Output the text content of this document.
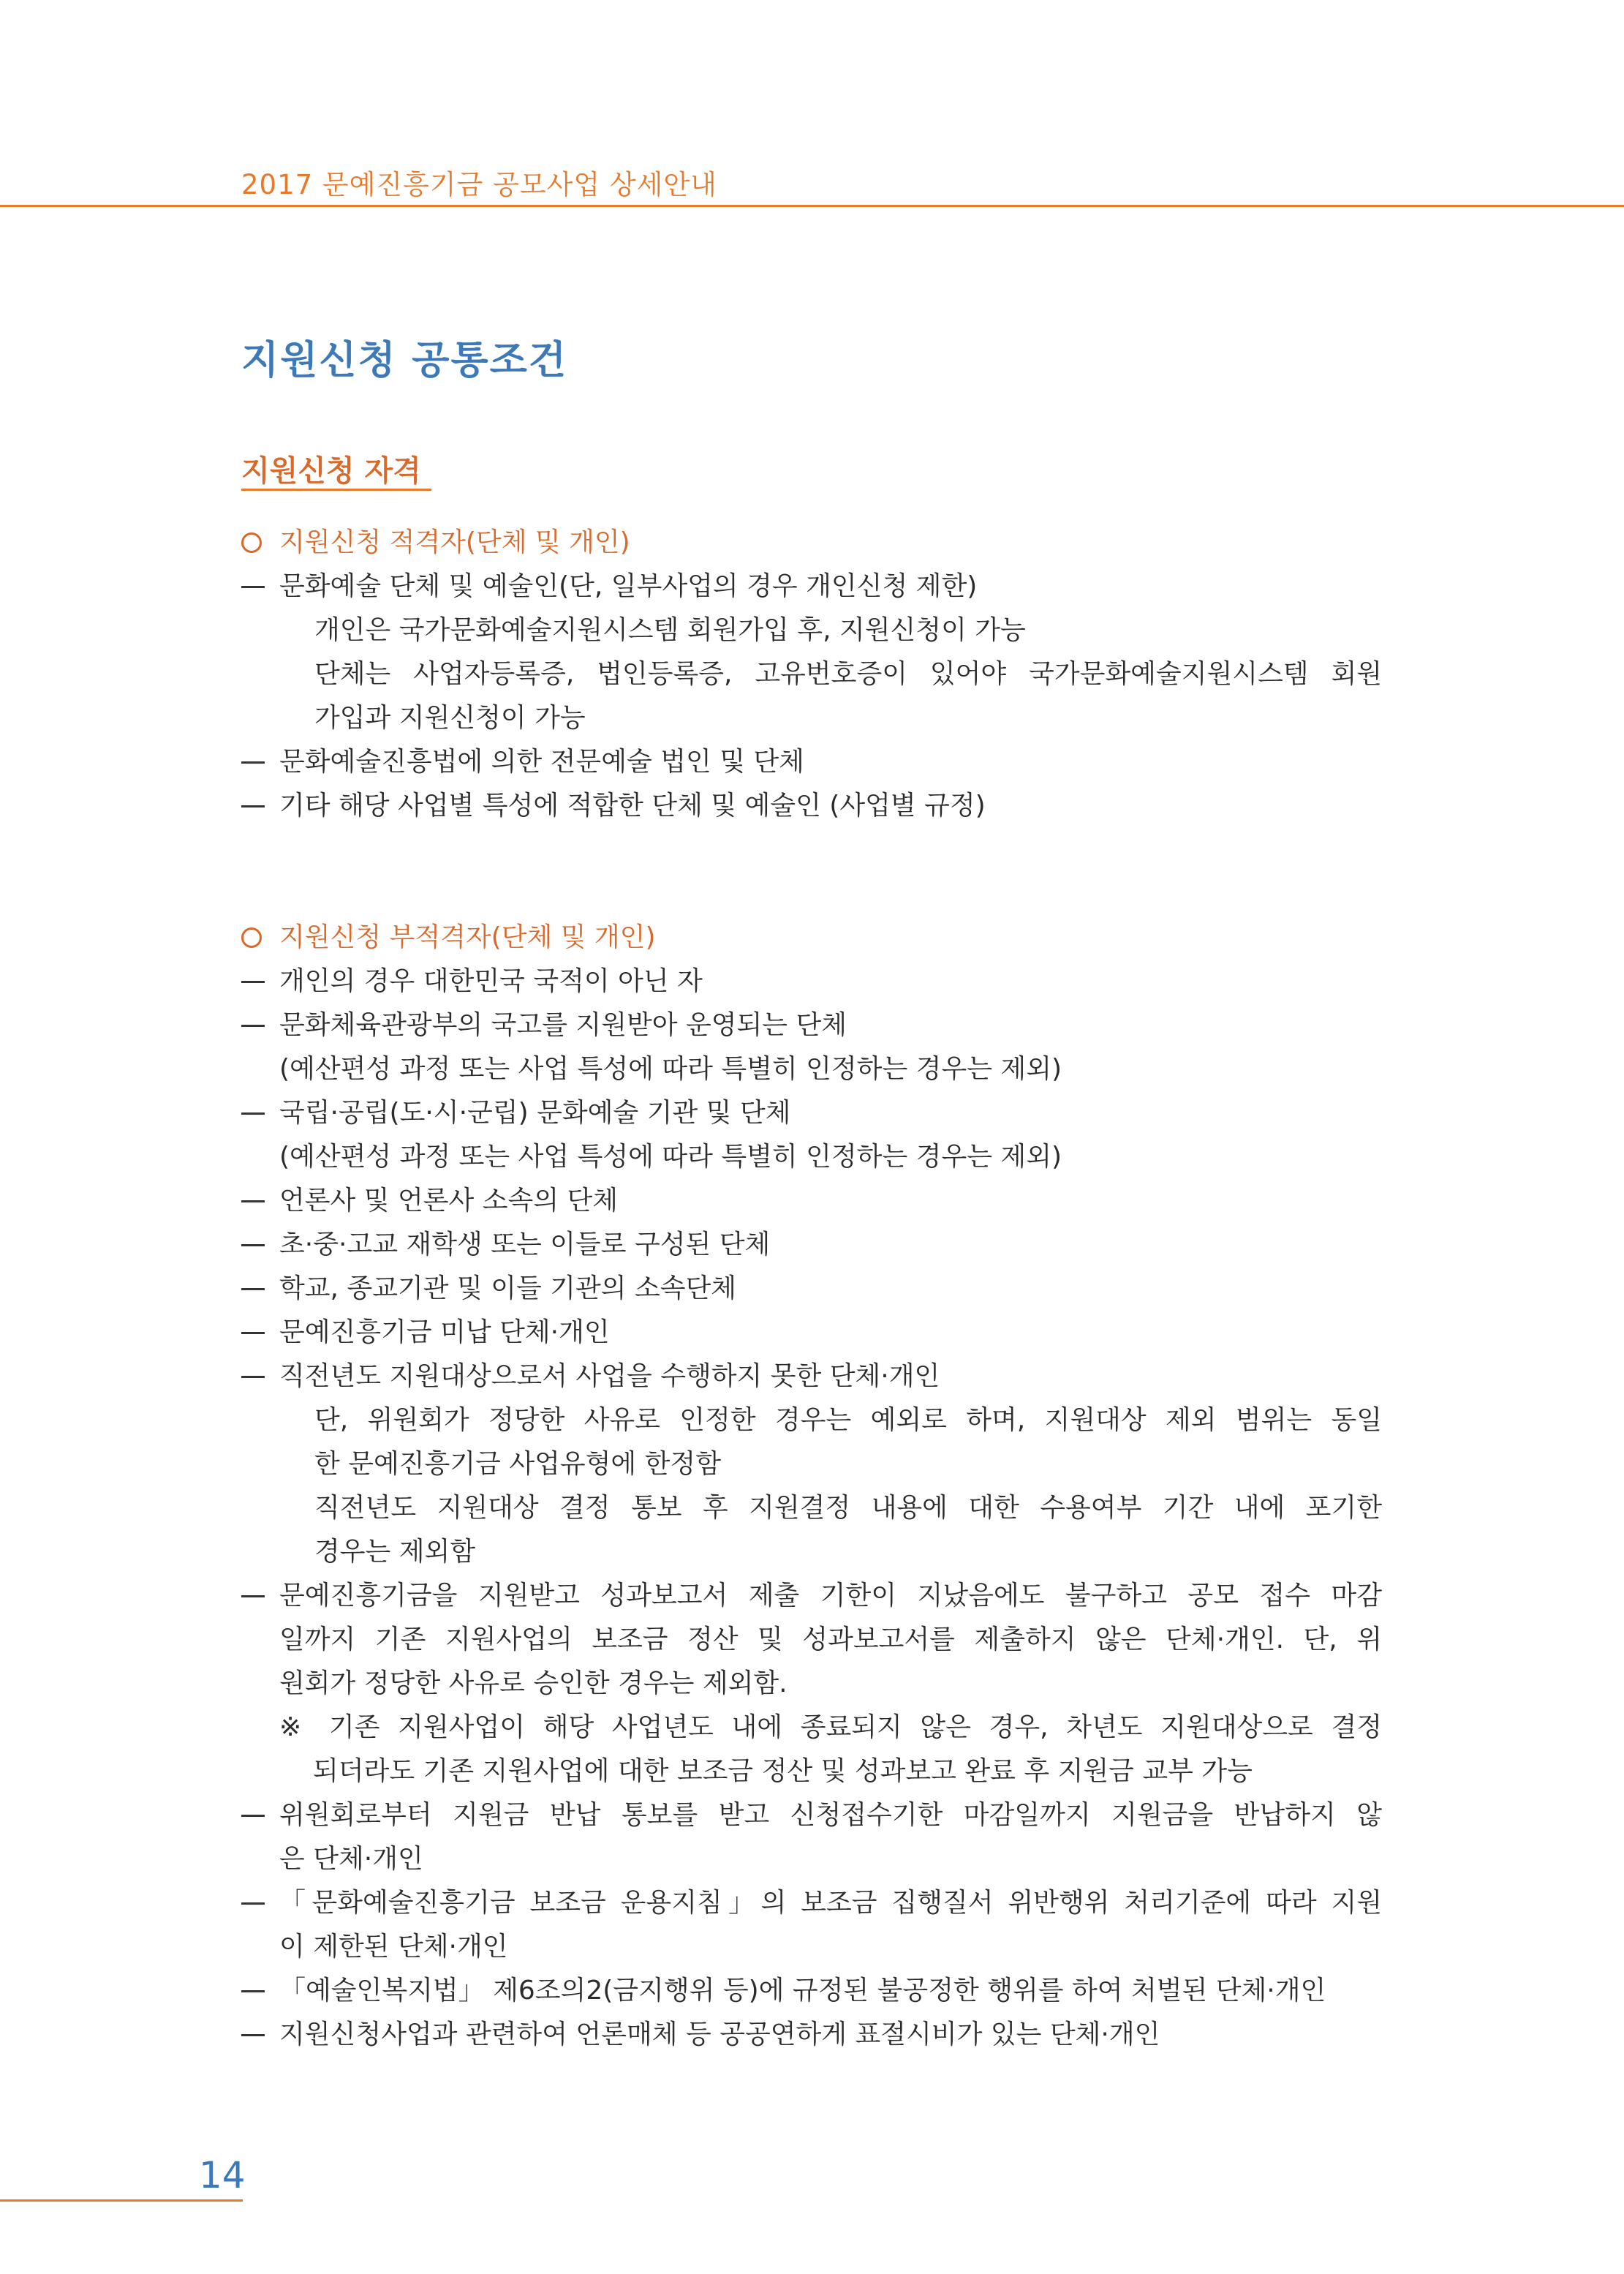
2017 문예진흥기금 공모사업 상세안내
지원신청 공통조건
지원신청 자격
지원신청 적격자(단체 및 개인)
문화예술 단체 및 예술인(단, 일부사업의 경우 개인신청 제한)
개인은 국가문화예술지원시스템 회원가입 후, 지원신청이 가능
단체는 사업자등록증, 법인등록증, 고유번호증이 있어야 국가문화예술지원시스템 회원
가입과 지원신청이 가능
문화예술진흥법에 의한 전문예술 법인 및 단체
기타 해당 사업별 특성에 적합한 단체 및 예술인 (사업별 규정)
지원신청 부적격자(단체 및 개인)
개인의 경우 대한민국 국적이 아닌 자
문화체육관광부의 국고를 지원받아 운영되는 단체
(예산편성 과정 또는 사업 특성에 따라 특별히 인정하는 경우는 제외)
국립·공립(도·시·군립) 문화예술 기관 및 단체
(예산편성 과정 또는 사업 특성에 따라 특별히 인정하는 경우는 제외)
언론사 및 언론사 소속의 단체
초·중·고교 재학생 또는 이들로 구성된 단체
학교, 종교기관 및 이들 기관의 소속단체
문예진흥기금 미납 단체·개인
직전년도 지원대상으로서 사업을 수행하지 못한 단체·개인
단, 위원회가 정당한 사유로 인정한 경우는 예외로 하며, 지원대상 제외 범위는 동일
한 문예진흥기금 사업유형에 한정함
직전년도 지원대상 결정 통보 후 지원결정 내용에 대한 수용여부 기간 내에 포기한
경우는 제외함
문예진흥기금을 지원받고 성과보고서 제출 기한이 지났음에도 불구하고 공모 접수 마감
일까지 기존 지원사업의 보조금 정산 및 성과보고서를 제출하지 않은 단체·개인. 단, 위
원회가 정당한 사유로 승인한 경우는 제외함.
※ 기존 지원사업이 해당 사업년도 내에 종료되지 않은 경우, 차년도 지원대상으로 결정
되더라도 기존 지원사업에 대한 보조금 정산 및 성과보고 완료 후 지원금 교부 가능
위원회로부터 지원금 반납 통보를 받고 신청접수기한 마감일까지 지원금을 반납하지 않
은 단체·개인
「문화예술진흥기금 보조금 운용지침」의 보조금 집행질서 위반행위 처리기준에 따라 지원
이 제한된 단체·개인
「예술인복지법」 제6조의2(금지행위 등)에 규정된 불공정한 행위를 하여 처벌된 단체·개인
지원신청사업과 관련하여 언론매체 등 공공연하게 표절시비가 있는 단체·개인
14
